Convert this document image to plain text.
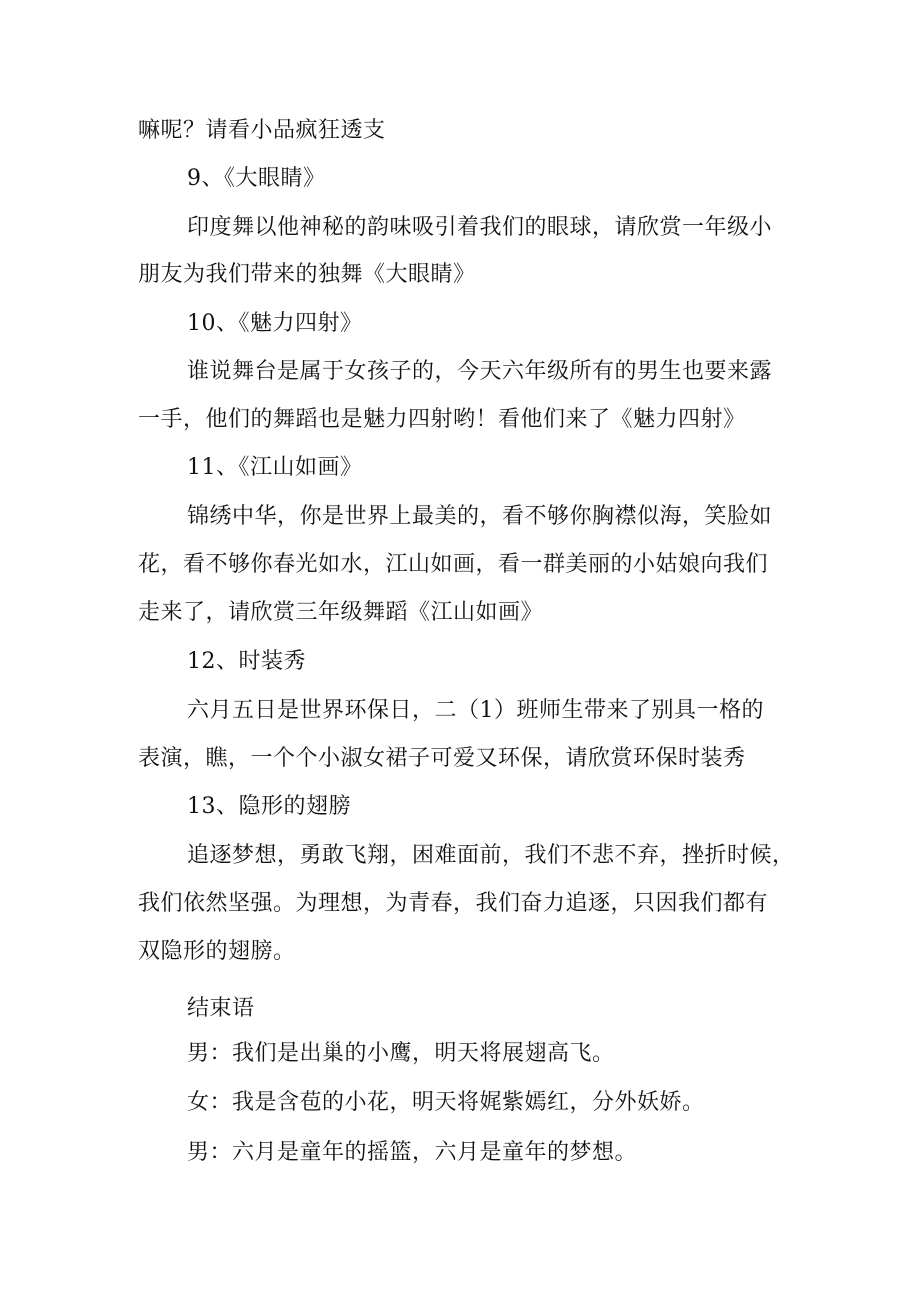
嘛呢？请看小品疯狂透支
9、《大眼睛》
印度舞以他神秘的韵味吸引着我们的眼球，请欣赏一年级小
朋友为我们带来的独舞《大眼睛》
10、《魅力四射》
谁说舞台是属于女孩子的，今天六年级所有的男生也要来露
一手，他们的舞蹈也是魅力四射哟！看他们来了《魅力四射》
11、《江山如画》
锦绣中华，你是世界上最美的，看不够你胸襟似海，笑脸如
花，看不够你春光如水，江山如画，看一群美丽的小姑娘向我们
走来了，请欣赏三年级舞蹈《江山如画》
12、时装秀
六月五日是世界环保日，二（1）班师生带来了别具一格的
表演，瞧，一个个小淑女裙子可爱又环保，请欣赏环保时装秀
13、隐形的翅膀
追逐梦想，勇敢飞翔，困难面前，我们不悲不弃，挫折时候，
我们依然坚强。为理想，为青春，我们奋力追逐，只因我们都有
双隐形的翅膀。
结束语
男：我们是出巢的小鹰，明天将展翅高飞。
女：我是含苞的小花，明天将娓紫嫣红，分外妖娇。
男：六月是童年的摇篮，六月是童年的梦想。
